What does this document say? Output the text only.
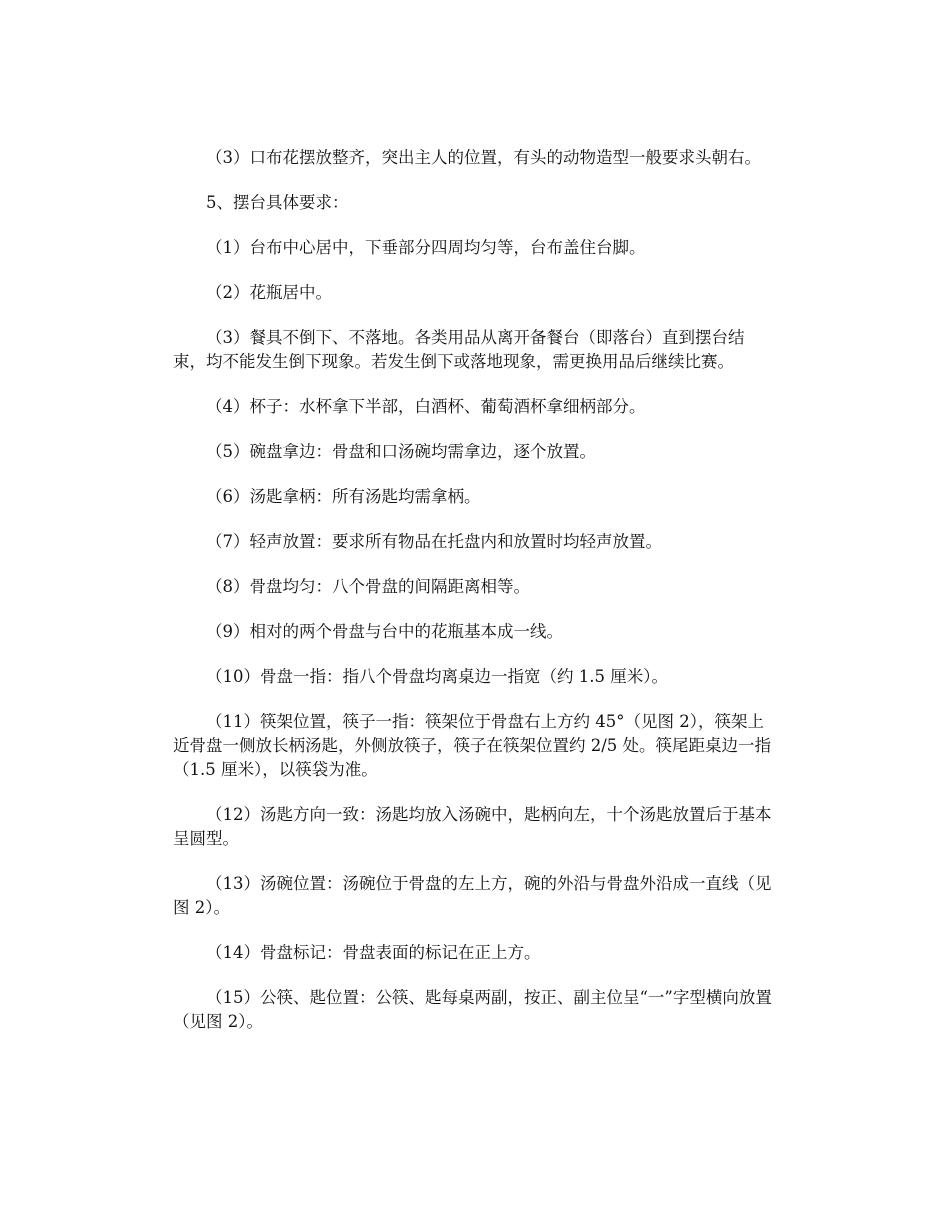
（3）口布花摆放整齐，突出主人的位置，有头的动物造型一般要求头朝右。

5、摆台具体要求：

（1）台布中心居中，下垂部分四周均匀等，台布盖住台脚。

（2）花瓶居中。

（3）餐具不倒下、不落地。各类用品从离开备餐台（即落台）直到摆台结束，均不能发生倒下现象。若发生倒下或落地现象，需更换用品后继续比赛。

（4）杯子：水杯拿下半部，白酒杯、葡萄酒杯拿细柄部分。

（5）碗盘拿边：骨盘和口汤碗均需拿边，逐个放置。

（6）汤匙拿柄：所有汤匙均需拿柄。

（7）轻声放置：要求所有物品在托盘内和放置时均轻声放置。

（8）骨盘均匀：八个骨盘的间隔距离相等。

（9）相对的两个骨盘与台中的花瓶基本成一线。

（10）骨盘一指：指八个骨盘均离桌边一指宽（约 1.5 厘米）。

（11）筷架位置，筷子一指：筷架位于骨盘右上方约 45°（见图 2），筷架上近骨盘一侧放长柄汤匙，外侧放筷子，筷子在筷架位置约 2/5 处。筷尾距桌边一指（1.5 厘米），以筷袋为准。

（12）汤匙方向一致：汤匙均放入汤碗中，匙柄向左，十个汤匙放置后于基本呈圆型。

（13）汤碗位置：汤碗位于骨盘的左上方，碗的外沿与骨盘外沿成一直线（见图 2）。

（14）骨盘标记：骨盘表面的标记在正上方。

（15）公筷、匙位置：公筷、匙每桌两副，按正、副主位呈“一”字型横向放置（见图 2）。
